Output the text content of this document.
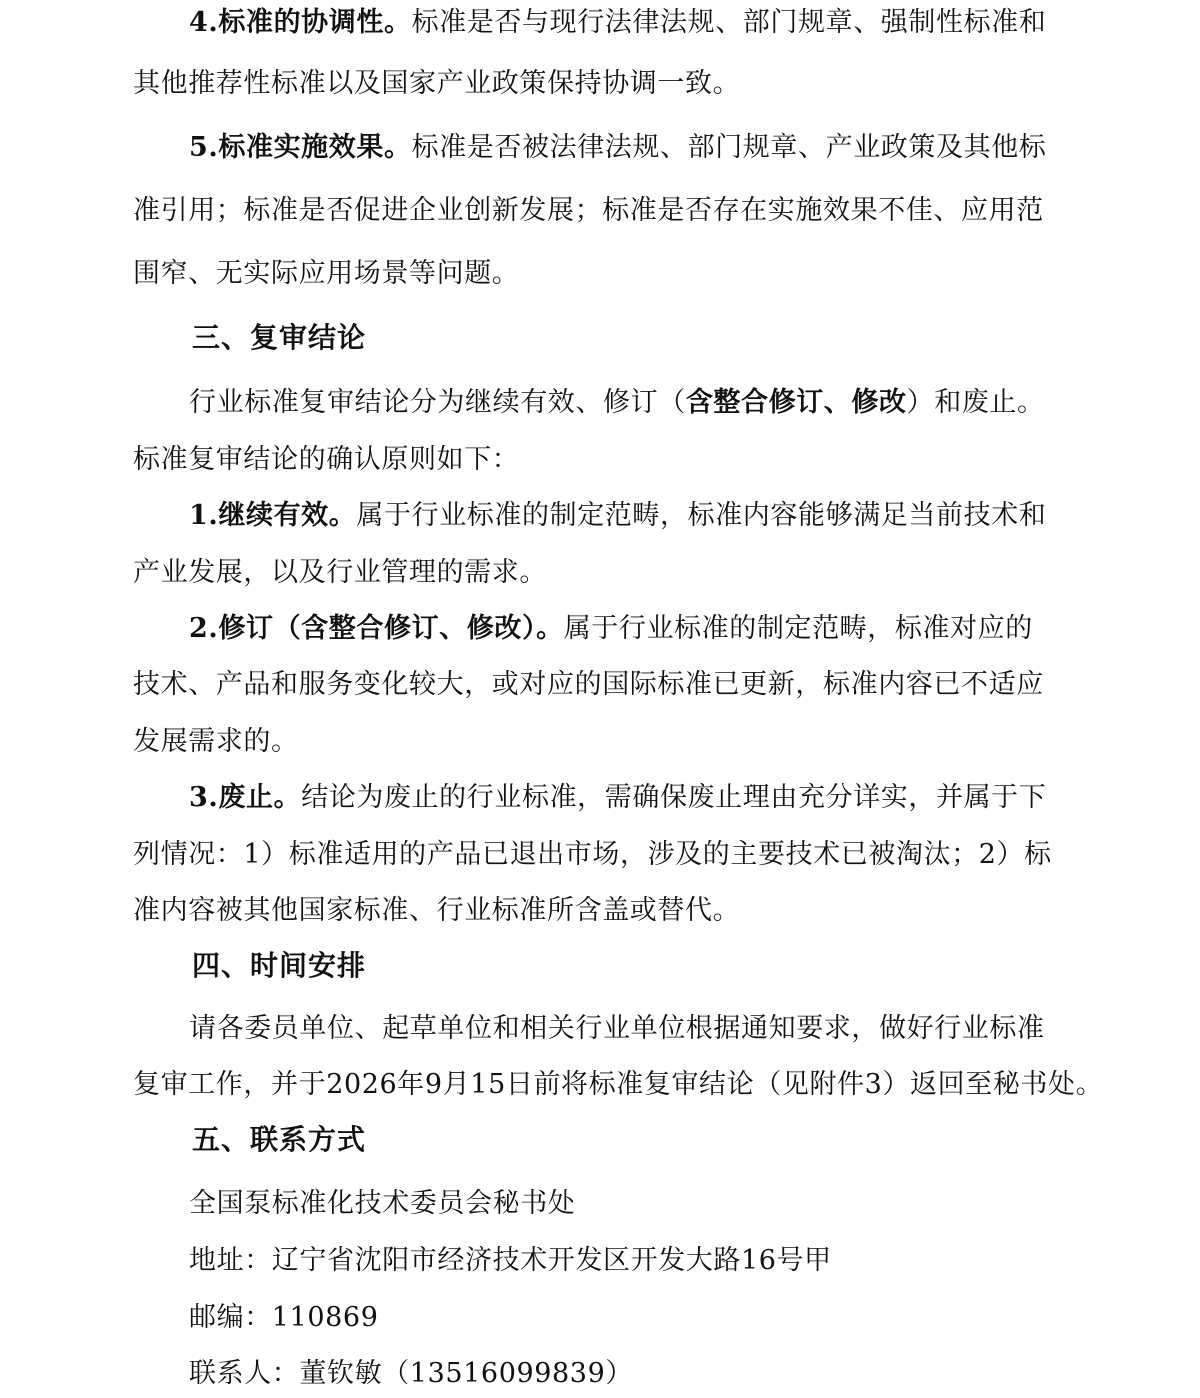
4.标准的协调性。标准是否与现行法律法规、部门规章、强制性标准和
其他推荐性标准以及国家产业政策保持协调一致。
5.标准实施效果。标准是否被法律法规、部门规章、产业政策及其他标
准引用；标准是否促进企业创新发展；标准是否存在实施效果不佳、应用范
围窄、无实际应用场景等问题。
三、复审结论
行业标准复审结论分为继续有效、修订（含整合修订、修改）和废止。
标准复审结论的确认原则如下：
1.继续有效。属于行业标准的制定范畴，标准内容能够满足当前技术和
产业发展，以及行业管理的需求。
2.修订（含整合修订、修改）。属于行业标准的制定范畴，标准对应的
技术、产品和服务变化较大，或对应的国际标准已更新，标准内容已不适应
发展需求的。
3.废止。结论为废止的行业标准，需确保废止理由充分详实，并属于下
列情况：1）标准适用的产品已退出市场，涉及的主要技术已被淘汰；2）标
准内容被其他国家标准、行业标准所含盖或替代。
四、时间安排
请各委员单位、起草单位和相关行业单位根据通知要求，做好行业标准
复审工作，并于2026年9月15日前将标准复审结论（见附件3）返回至秘书处。
五、联系方式
全国泵标准化技术委员会秘书处
地址：辽宁省沈阳市经济技术开发区开发大路16号甲
邮编：110869
联系人：董钦敏（13516099839）
